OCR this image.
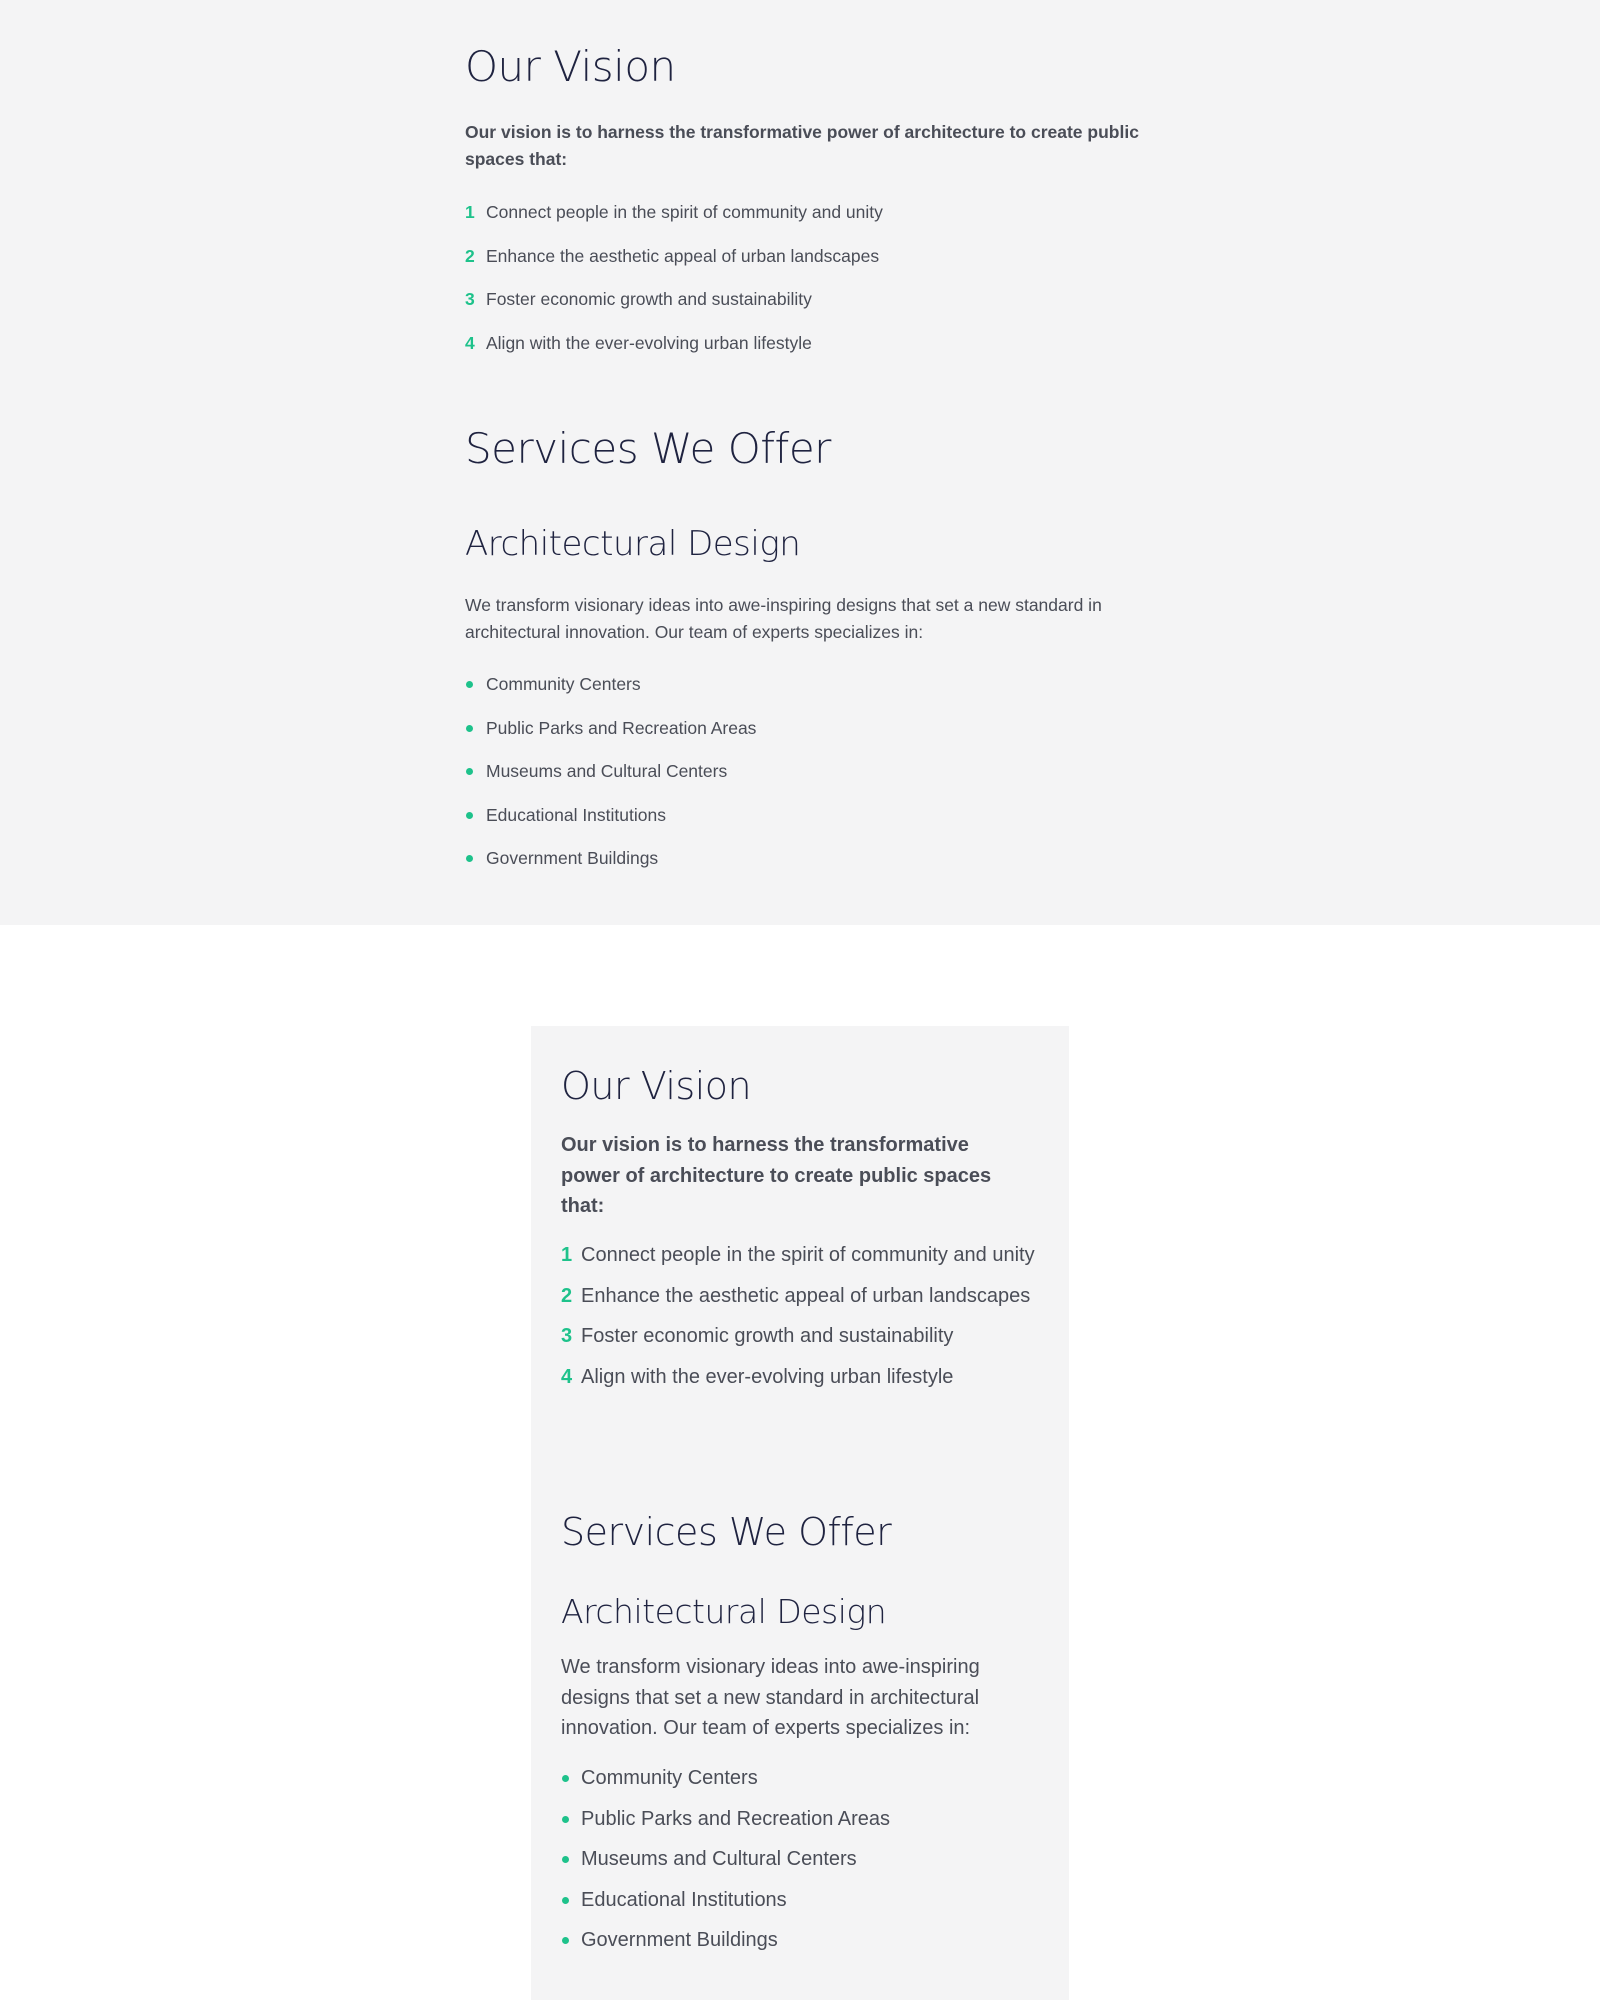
Our Vision

Our vision is to harness the transformative power of architecture to create public spaces that:

1 Connect people in the spirit of community and unity
2 Enhance the aesthetic appeal of urban landscapes
3 Foster economic growth and sustainability
4 Align with the ever-evolving urban lifestyle
Services We Offer
Architectural Design

We transform visionary ideas into awe-inspiring designs that set a new standard in architectural innovation. Our team of experts specializes in:

Community Centers
Public Parks and Recreation Areas
Museums and Cultural Centers
Educational Institutions
Government Buildings
Our Vision

Our vision is to harness the transformative power of architecture to create public spaces that:

1 Connect people in the spirit of community and unity
2 Enhance the aesthetic appeal of urban landscapes
3 Foster economic growth and sustainability
4 Align with the ever-evolving urban lifestyle
Services We Offer
Architectural Design

We transform visionary ideas into awe-inspiring designs that set a new standard in architectural innovation. Our team of experts specializes in:

Community Centers
Public Parks and Recreation Areas
Museums and Cultural Centers
Educational Institutions
Government Buildings
